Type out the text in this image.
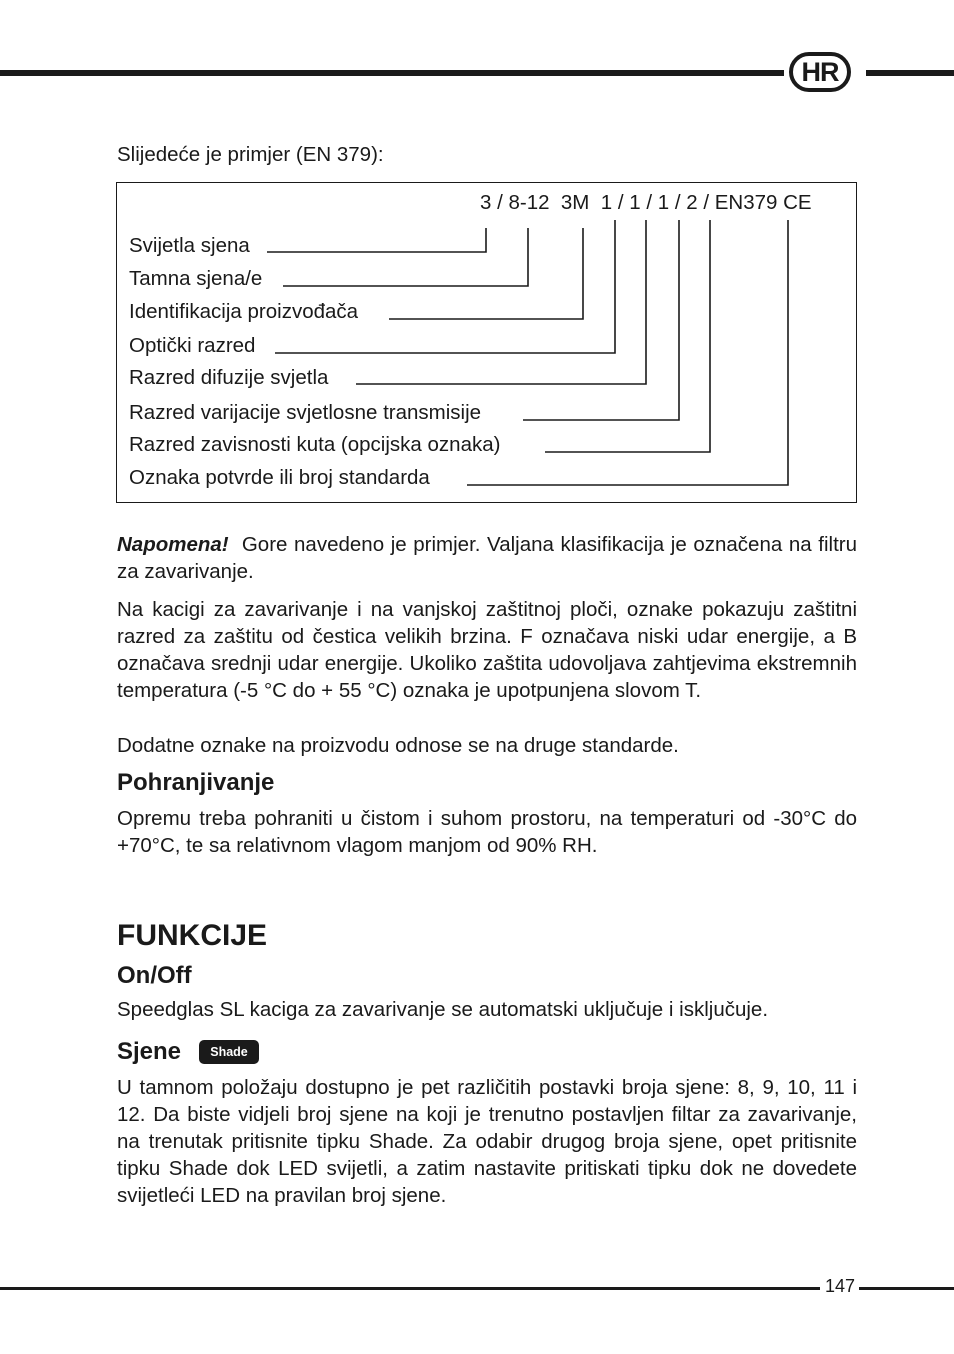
HR
Slijedeće je primjer (EN 379):
3 / 8-12  3M  1 / 1 / 1 / 2 / EN379 CE
Svijetla sjena
Tamna sjena/e
Identifikacija proizvođača
Optički razred
Razred difuzije svjetla
Razred varijacije svjetlosne transmisije
Razred zavisnosti kuta (opcijska oznaka)
Oznaka potvrde ili broj standarda
Napomena! Gore navedeno je primjer. Valjana klasifikacija je označena na filtru za zavarivanje.
Na kacigi za zavarivanje i na vanjskoj zaštitnoj ploči, oznake pokazuju zaštitni razred za zaštitu od čestica velikih brzina. F označava niski udar energije, a B označava srednji udar energije. Ukoliko zaštita udovoljava zahtjevima ekstremnih temperatura (-5 °C do + 55 °C) oznaka je upotpunjena slovom T.
Dodatne oznake na proizvodu odnose se na druge standarde.
Pohranjivanje
Opremu treba pohraniti u čistom i suhom prostoru, na temperaturi od -30°C do +70°C, te sa relativnom vlagom manjom od 90% RH.
FUNKCIJE
On/Off
Speedglas SL kaciga za zavarivanje se automatski uključuje i isključuje.
Sjene	Shade
U tamnom položaju dostupno je pet različitih postavki broja sjene: 8, 9, 10, 11 i 12. Da biste vidjeli broj sjene na koji je trenutno postavljen filtar za zavarivanje, na trenutak pritisnite tipku Shade. Za odabir drugog broja sjene, opet pritisnite tipku Shade dok LED svijetli, a zatim nastavite pritiskati tipku dok ne dovedete svijetleći LED na pravilan broj sjene.
147
